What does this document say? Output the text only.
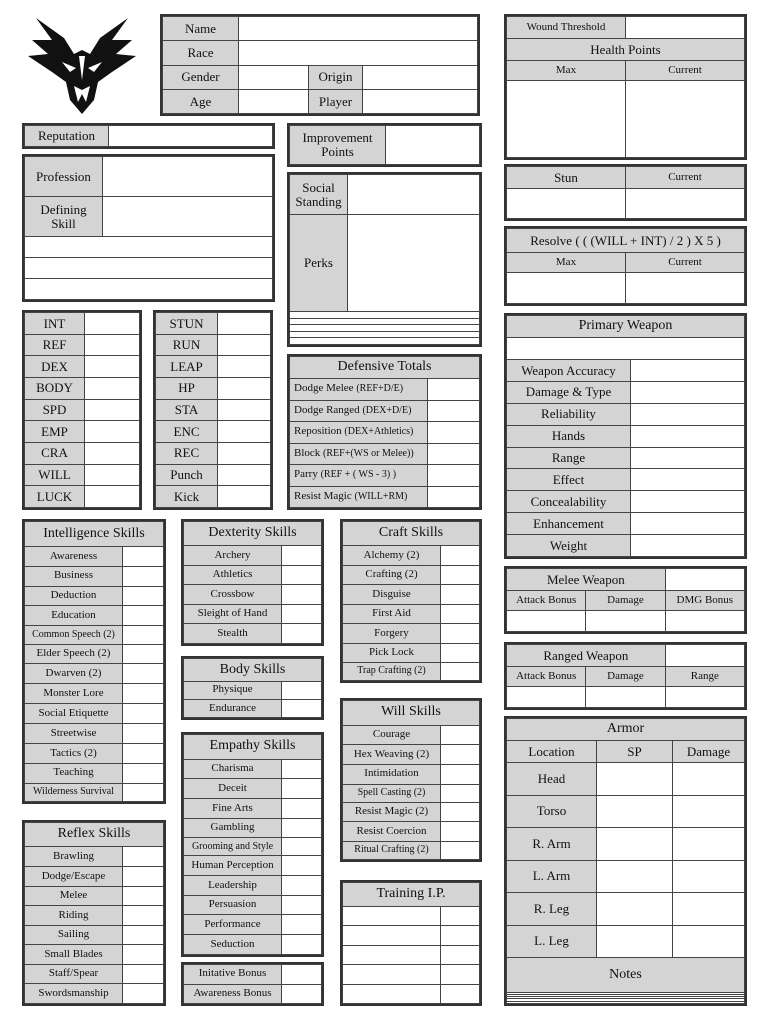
Name			
Race			
Gender		Origin	
Age		Player	
Reputation		Improvement Points	
Profession	
Defining Skill	

Social Standing	
Perks	

Wound Threshold	
Health Points	
Max	Current

Stun	Current

Resolve ( ( (WILL + INT) / 2 ) X 5 )	
Max	Current

INT	
REF	
DEX	
BODY	
SPD	
EMP	
CRA	
WILL	
LUCK	
STUN	
RUN	
LEAP	
HP	
STA	
ENC	
REC	
Punch	
Kick	
Defensive Totals	
Dodge Melee (REF+D/E)	
Dodge Ranged (DEX+D/E)	
Reposition (DEX+Athletics)	
Block (REF+(WS or Melee))	
Parry (REF + ( WS - 3) )	
Resist Magic (WILL+RM)	
Primary Weapon	

Weapon Accuracy	
Damage & Type	
Reliability	
Hands	
Range	
Effect	
Concealability	
Enhancement	
Weight	
Melee Weapon		
Attack Bonus	Damage	DMG Bonus

Ranged Weapon		
Attack Bonus	Damage	Range

Armor		
Location	SP	Damage
Head		
Torso		
R. Arm		
L. Arm		
R. Leg		
L. Leg		
Notes		

Intelligence Skills	
Awareness	
Business	
Deduction	
Education	
Common Speech (2)	
Elder Speech (2)	
Dwarven (2)	
Monster Lore	
Social Etiquette	
Streetwise	
Tactics (2)	
Teaching	
Wilderness Survival	
Reflex Skills	
Brawling	
Dodge/Escape	
Melee	
Riding	
Sailing	
Small Blades	
Staff/Spear	
Swordsmanship	
Dexterity Skills	
Archery	
Athletics	
Crossbow	
Sleight of Hand	
Stealth	
Body Skills	
Physique	
Endurance	
Empathy Skills	
Charisma	
Deceit	
Fine Arts	
Gambling	
Grooming and Style	
Human Perception	
Leadership	
Persuasion	
Performance	
Seduction	
Initative Bonus	
Awareness Bonus	
Craft Skills	
Alchemy (2)	
Crafting (2)	
Disguise	
First Aid	
Forgery	
Pick Lock	
Trap Crafting (2)	
Will Skills	
Courage	
Hex Weaving (2)	
Intimidation	
Spell Casting (2)	
Resist Magic (2)	
Resist Coercion	
Ritual Crafting (2)	
Training I.P.	
